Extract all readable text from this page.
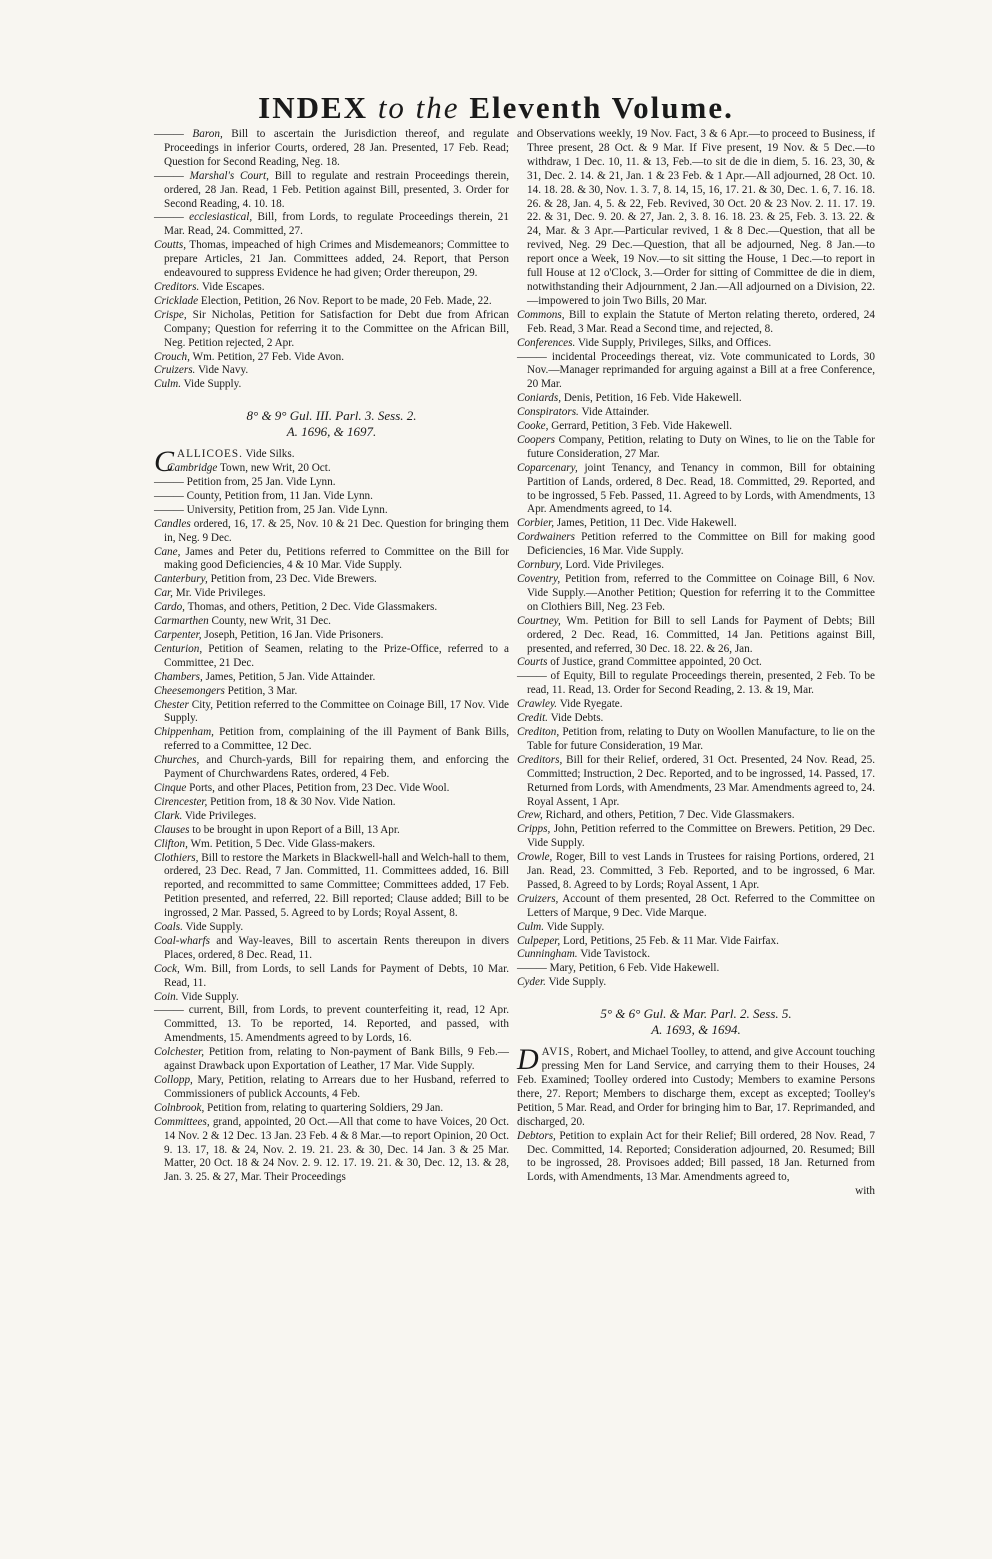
INDEX to the Eleventh Volume.

——— Baron, Bill to ascertain the Jurisdiction thereof, and regulate Proceedings in inferior Courts, ordered, 28 Jan. Presented, 17 Feb. Read; Question for Second Reading, Neg. 18.

——— Marshal's Court, Bill to regulate and restrain Proceedings therein, ordered, 28 Jan. Read, 1 Feb. Petition against Bill, presented, 3. Order for Second Reading, 4. 10. 18.

——— ecclesiastical, Bill, from Lords, to regulate Proceedings therein, 21 Mar. Read, 24. Committed, 27.

Coutts, Thomas, impeached of high Crimes and Misdemeanors; Committee to prepare Articles, 21 Jan. Committees added, 24. Report, that Person endeavoured to suppress Evidence he had given; Order thereupon, 29.

Creditors. Vide Escapes.

Cricklade Election, Petition, 26 Nov. Report to be made, 20 Feb. Made, 22.

Crispe, Sir Nicholas, Petition for Satisfaction for Debt due from African Company; Question for referring it to the Committee on the African Bill, Neg. Petition rejected, 2 Apr.

Crouch, Wm. Petition, 27 Feb. Vide Avon.

Cruizers. Vide Navy.

Culm. Vide Supply.

8° & 9° Gul. III. Parl. 3. Sess. 2.
A. 1696, & 1697.

CALLICOES. Vide Silks.

Cambridge Town, new Writ, 20 Oct.

——— Petition from, 25 Jan. Vide Lynn.

——— County, Petition from, 11 Jan. Vide Lynn.

——— University, Petition from, 25 Jan. Vide Lynn.

Candles ordered, 16, 17. & 25, Nov. 10 & 21 Dec. Question for bringing them in, Neg. 9 Dec.

Cane, James and Peter du, Petitions referred to Committee on the Bill for making good Deficiencies, 4 & 10 Mar. Vide Supply.

Canterbury, Petition from, 23 Dec. Vide Brewers.

Car, Mr. Vide Privileges.

Cardo, Thomas, and others, Petition, 2 Dec. Vide Glassmakers.

Carmarthen County, new Writ, 31 Dec.

Carpenter, Joseph, Petition, 16 Jan. Vide Prisoners.

Centurion, Petition of Seamen, relating to the Prize-Office, referred to a Committee, 21 Dec.

Chambers, James, Petition, 5 Jan. Vide Attainder.

Cheesemongers Petition, 3 Mar.

Chester City, Petition referred to the Committee on Coinage Bill, 17 Nov. Vide Supply.

Chippenham, Petition from, complaining of the ill Payment of Bank Bills, referred to a Committee, 12 Dec.

Churches, and Church-yards, Bill for repairing them, and enforcing the Payment of Churchwardens Rates, ordered, 4 Feb.

Cinque Ports, and other Places, Petition from, 23 Dec. Vide Wool.

Cirencester, Petition from, 18 & 30 Nov. Vide Nation.

Clark. Vide Privileges.

Clauses to be brought in upon Report of a Bill, 13 Apr.

Clifton, Wm. Petition, 5 Dec. Vide Glass-makers.

Clothiers, Bill to restore the Markets in Blackwell-hall and Welch-hall to them, ordered, 23 Dec. Read, 7 Jan. Committed, 11. Committees added, 16. Bill reported, and recommitted to same Committee; Committees added, 17 Feb. Petition presented, and referred, 22. Bill reported; Clause added; Bill to be ingrossed, 2 Mar. Passed, 5. Agreed to by Lords; Royal Assent, 8.

Coals. Vide Supply.

Coal-wharfs and Way-leaves, Bill to ascertain Rents thereupon in divers Places, ordered, 8 Dec. Read, 11.

Cock, Wm. Bill, from Lords, to sell Lands for Payment of Debts, 10 Mar. Read, 11.

Coin. Vide Supply.

——— current, Bill, from Lords, to prevent counterfeiting it, read, 12 Apr. Committed, 13. To be reported, 14. Reported, and passed, with Amendments, 15. Amendments agreed to by Lords, 16.

Colchester, Petition from, relating to Non-payment of Bank Bills, 9 Feb.—against Drawback upon Exportation of Leather, 17 Mar. Vide Supply.

Collopp, Mary, Petition, relating to Arrears due to her Husband, referred to Commissioners of publick Accounts, 4 Feb.

Colnbrook, Petition from, relating to quartering Soldiers, 29 Jan.

Committees, grand, appointed, 20 Oct.—All that come to have Voices, 20 Oct. 14 Nov. 2 & 12 Dec. 13 Jan. 23 Feb. 4 & 8 Mar.—to report Opinion, 20 Oct. 9. 13. 17, 18. & 24, Nov. 2. 19. 21. 23. & 30, Dec. 14 Jan. 3 & 25 Mar. Matter, 20 Oct. 18 & 24 Nov. 2. 9. 12. 17. 19. 21. & 30, Dec. 12, 13. & 28, Jan. 3. 25. & 27, Mar. Their Proceedings

and Observations weekly, 19 Nov. Fact, 3 & 6 Apr.—to proceed to Business, if Three present, 28 Oct. & 9 Mar. If Five present, 19 Nov. & 5 Dec.—to withdraw, 1 Dec. 10, 11. & 13, Feb.—to sit de die in diem, 5. 16. 23, 30, & 31, Dec. 2. 14. & 21, Jan. 1 & 23 Feb. & 1 Apr.—All adjourned, 28 Oct. 10. 14. 18. 28. & 30, Nov. 1. 3. 7, 8. 14, 15, 16, 17. 21. & 30, Dec. 1. 6, 7. 16. 18. 26. & 28, Jan. 4, 5. & 22, Feb. Revived, 30 Oct. 20 & 23 Nov. 2. 11. 17. 19. 22. & 31, Dec. 9. 20. & 27, Jan. 2, 3. 8. 16. 18. 23. & 25, Feb. 3. 13. 22. & 24, Mar. & 3 Apr.—Particular revived, 1 & 8 Dec.—Question, that all be revived, Neg. 29 Dec.—Question, that all be adjourned, Neg. 8 Jan.—to report once a Week, 19 Nov.—to sit sitting the House, 1 Dec.—to report in full House at 12 o'Clock, 3.—Order for sitting of Committee de die in diem, notwithstanding their Adjournment, 2 Jan.—All adjourned on a Division, 22.—impowered to join Two Bills, 20 Mar.

Commons, Bill to explain the Statute of Merton relating thereto, ordered, 24 Feb. Read, 3 Mar. Read a Second time, and rejected, 8.

Conferences. Vide Supply, Privileges, Silks, and Offices.

——— incidental Proceedings thereat, viz. Vote communicated to Lords, 30 Nov.—Manager reprimanded for arguing against a Bill at a free Conference, 20 Mar.

Coniards, Denis, Petition, 16 Feb. Vide Hakewell.

Conspirators. Vide Attainder.

Cooke, Gerrard, Petition, 3 Feb. Vide Hakewell.

Coopers Company, Petition, relating to Duty on Wines, to lie on the Table for future Consideration, 27 Mar.

Coparcenary, joint Tenancy, and Tenancy in common, Bill for obtaining Partition of Lands, ordered, 8 Dec. Read, 18. Committed, 29. Reported, and to be ingrossed, 5 Feb. Passed, 11. Agreed to by Lords, with Amendments, 13 Apr. Amendments agreed, to 14.

Corbier, James, Petition, 11 Dec. Vide Hakewell.

Cordwainers Petition referred to the Committee on Bill for making good Deficiencies, 16 Mar. Vide Supply.

Cornbury, Lord. Vide Privileges.

Coventry, Petition from, referred to the Committee on Coinage Bill, 6 Nov. Vide Supply.—Another Petition; Question for referring it to the Committee on Clothiers Bill, Neg. 23 Feb.

Courtney, Wm. Petition for Bill to sell Lands for Payment of Debts; Bill ordered, 2 Dec. Read, 16. Committed, 14 Jan. Petitions against Bill, presented, and referred, 30 Dec. 18. 22. & 26, Jan.

Courts of Justice, grand Committee appointed, 20 Oct.

——— of Equity, Bill to regulate Proceedings therein, presented, 2 Feb. To be read, 11. Read, 13. Order for Second Reading, 2. 13. & 19, Mar.

Crawley. Vide Ryegate.

Credit. Vide Debts.

Crediton, Petition from, relating to Duty on Woollen Manufacture, to lie on the Table for future Consideration, 19 Mar.

Creditors, Bill for their Relief, ordered, 31 Oct. Presented, 24 Nov. Read, 25. Committed; Instruction, 2 Dec. Reported, and to be ingrossed, 14. Passed, 17. Returned from Lords, with Amendments, 23 Mar. Amendments agreed to, 24. Royal Assent, 1 Apr.

Crew, Richard, and others, Petition, 7 Dec. Vide Glassmakers.

Cripps, John, Petition referred to the Committee on Brewers. Petition, 29 Dec. Vide Supply.

Crowle, Roger, Bill to vest Lands in Trustees for raising Portions, ordered, 21 Jan. Read, 23. Committed, 3 Feb. Reported, and to be ingrossed, 6 Mar. Passed, 8. Agreed to by Lords; Royal Assent, 1 Apr.

Cruizers, Account of them presented, 28 Oct. Referred to the Committee on Letters of Marque, 9 Dec. Vide Marque.

Culm. Vide Supply.

Culpeper, Lord, Petitions, 25 Feb. & 11 Mar. Vide Fairfax.

Cunningham. Vide Tavistock.

——— Mary, Petition, 6 Feb. Vide Hakewell.

Cyder. Vide Supply.

5° & 6° Gul. & Mar. Parl. 2. Sess. 5.
A. 1693, & 1694.

DAVIS, Robert, and Michael Toolley, to attend, and give Account touching pressing Men for Land Service, and carrying them to their Houses, 24 Feb. Examined; Toolley ordered into Custody; Members to examine Persons there, 27. Report; Members to discharge them, except as excepted; Toolley's Petition, 5 Mar. Read, and Order for bringing him to Bar, 17. Reprimanded, and discharged, 20.

Debtors, Petition to explain Act for their Relief; Bill ordered, 28 Nov. Read, 7 Dec. Committed, 14. Reported; Consideration adjourned, 20. Resumed; Bill to be ingrossed, 28. Provisoes added; Bill passed, 18 Jan. Returned from Lords, with Amendments, 13 Mar. Amendments agreed to,

with
